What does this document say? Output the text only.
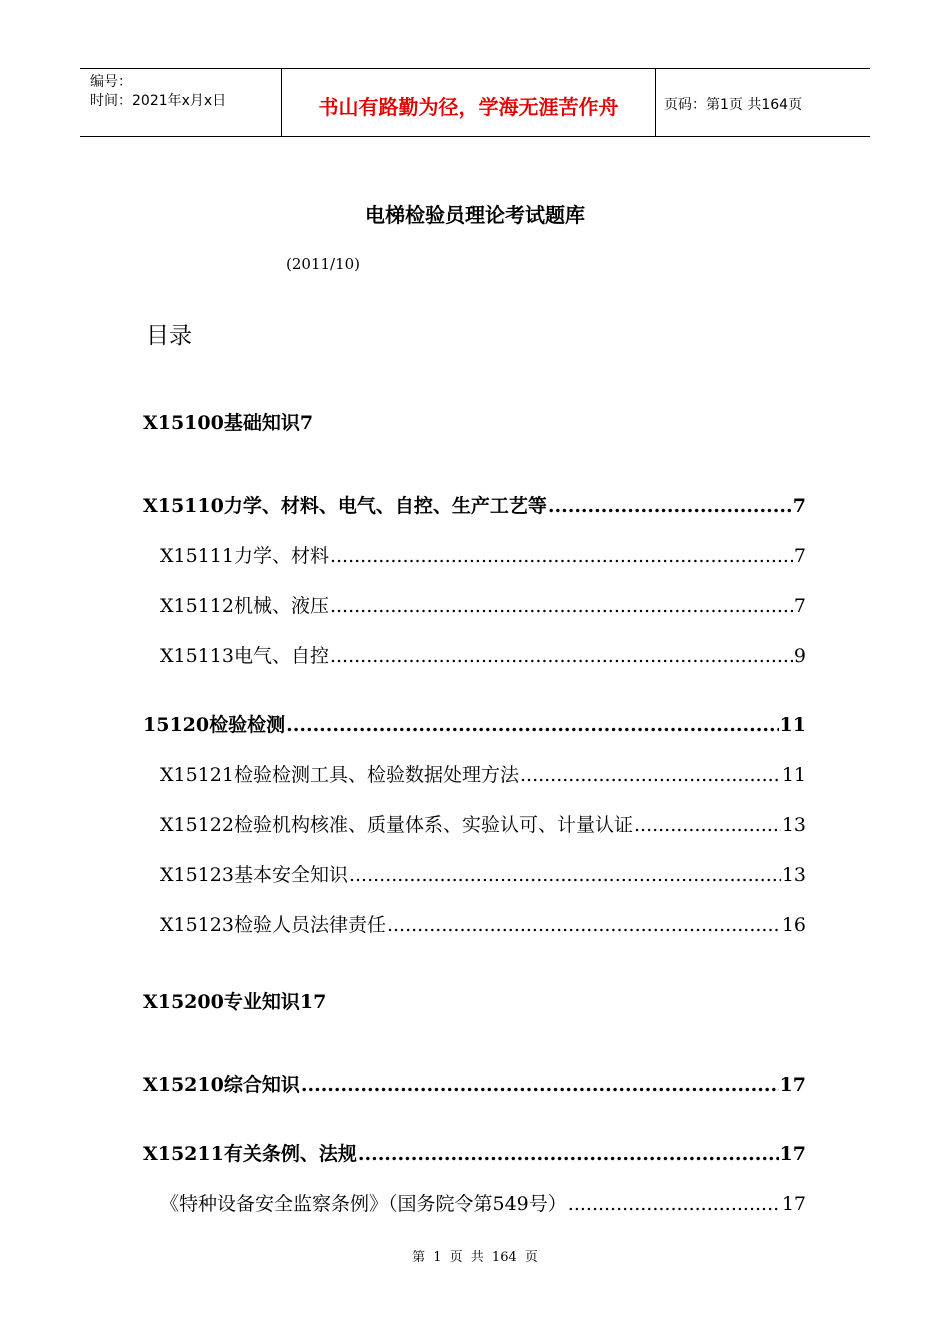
编号：
时间：2021年x月x日	书山有路勤为径，学海无涯苦作舟	页码：第1页 共164页
电梯检验员理论考试题库
(2011/10)
目录
X15100基础知识7
X15110力学、材料、电气、自控、生产工艺等 .....	7
X15111力学、材料 .....	7
X15112机械、液压 .....	7
X15113电气、自控 .....	9
15120检验检测 .....	11
X15121检验检测工具、检验数据处理方法 .....	11
X15122检验机构核准、质量体系、实验认可、计量认证 .....	13
X15123基本安全知识 .....	13
X15123检验人员法律责任 .....	16
X15200专业知识17
X15210综合知识 .....	17
X15211有关条例、法规 .....	17
《特种设备安全监察条例》（国务院令第549号） .....	17
第 1 页 共 164 页
